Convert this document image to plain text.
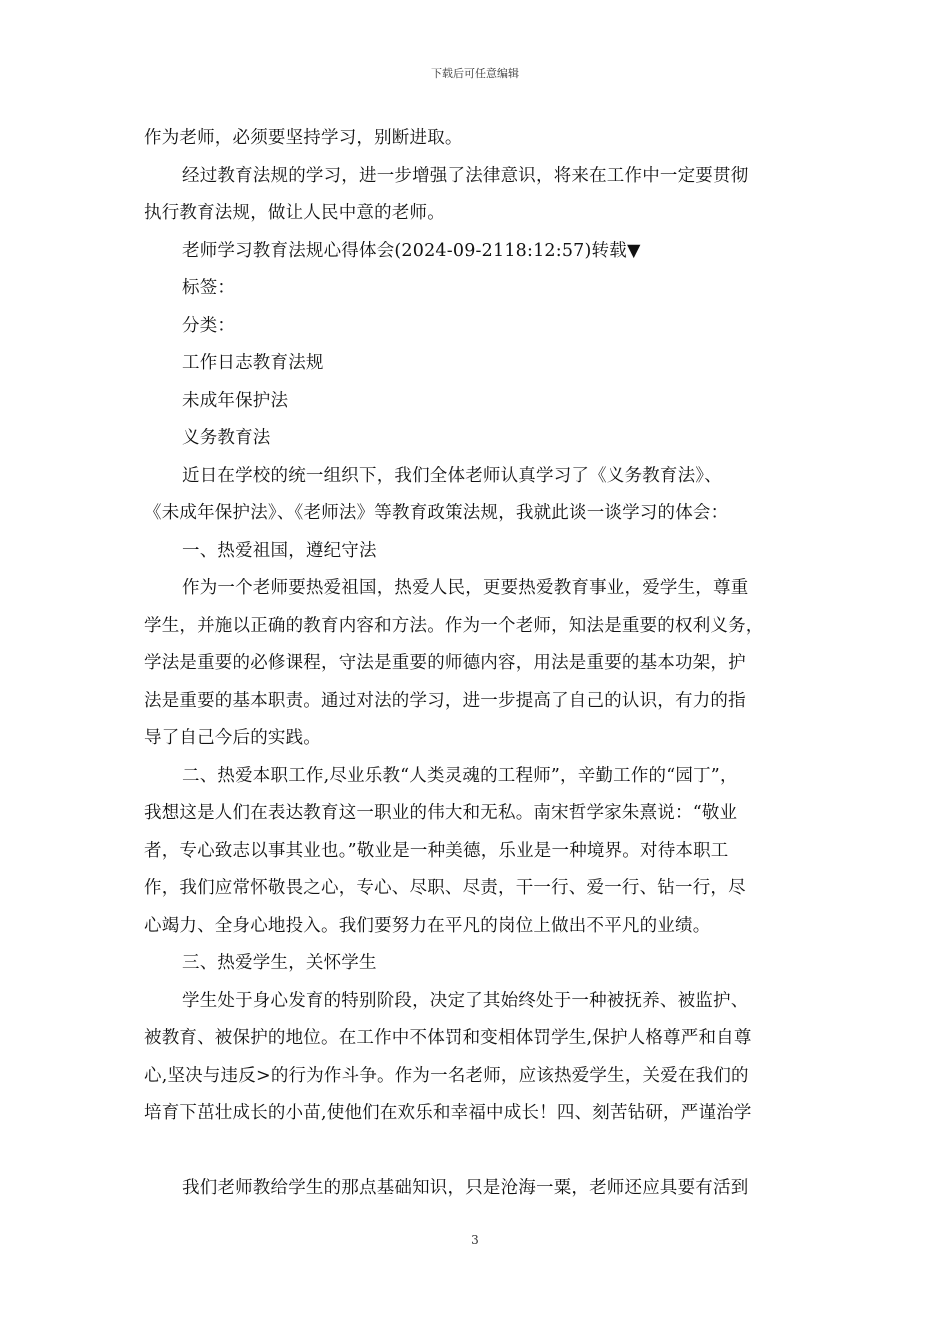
下载后可任意编辑
作为老师，必须要坚持学习，别断进取。
经过教育法规的学习，进一步增强了法律意识，将来在工作中一定要贯彻
执行教育法规，做让人民中意的老师。
老师学习教育法规心得体会(2024-09-2118:12:57)转载▼
标签：
分类：
工作日志教育法规
未成年保护法
义务教育法
近日在学校的统一组织下，我们全体老师认真学习了《义务教育法》、
《未成年保护法》、《老师法》等教育政策法规，我就此谈一谈学习的体会：
一、热爱祖国，遵纪守法
作为一个老师要热爱祖国，热爱人民，更要热爱教育事业，爱学生，尊重
学生，并施以正确的教育内容和方法。作为一个老师，知法是重要的权利义务，
学法是重要的必修课程，守法是重要的师德内容，用法是重要的基本功架，护
法是重要的基本职责。通过对法的学习，进一步提高了自己的认识，有力的指
导了自己今后的实践。
二、热爱本职工作,尽业乐教“人类灵魂的工程师”，辛勤工作的“园丁”，
我想这是人们在表达教育这一职业的伟大和无私。南宋哲学家朱熹说：“敬业
者，专心致志以事其业也。”敬业是一种美德，乐业是一种境界。对待本职工
作，我们应常怀敬畏之心，专心、尽职、尽责，干一行、爱一行、钻一行，尽
心竭力、全身心地投入。我们要努力在平凡的岗位上做出不平凡的业绩。
三、热爱学生，关怀学生
学生处于身心发育的特别阶段，决定了其始终处于一种被抚养、被监护、
被教育、被保护的地位。在工作中不体罚和变相体罚学生,保护人格尊严和自尊
心,坚决与违反>的行为作斗争。作为一名老师，应该热爱学生，关爱在我们的
培育下茁壮成长的小苗,使他们在欢乐和幸福中成长！四、刻苦钻研，严谨治学
我们老师教给学生的那点基础知识，只是沧海一粟，老师还应具要有活到
3
